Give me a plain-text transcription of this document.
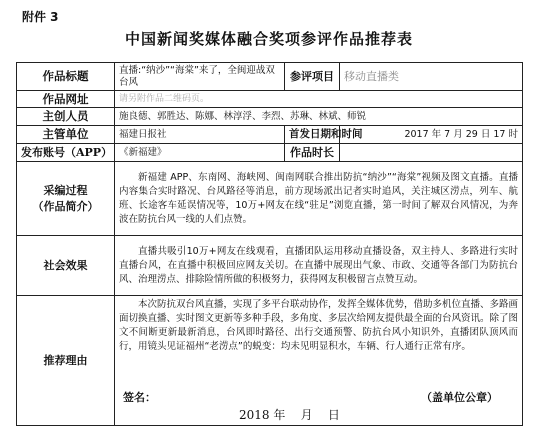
附件 3
中国新闻奖媒体融合奖项参评作品推荐表
作品标题	直播:“纳沙”“海棠”来了，全闽迎战双台风	参评项目	移动直播类
作品网址	请另附作品二维码页。		
主创人员	施良德、郭胜达、陈娜、林淳浮、李烈、苏琳、林斌、师锐		
主管单位	福建日报社	首发日期和时间	2017 年 7 月 29 日 17 时
发布账号（APP）	《新福建》	作品时长	

采编过程
（作品简介）	新福建 APP、东南网、海峡网、闽南网联合推出防抗“纳沙”“海棠”视频及图文直播。直播内容集合实时路况、台风路径等消息，前方现场派出记者实时追风，关注城区涝点，列车、航班、长途客车延误情况等，10万+网友在线“驻足”浏览直播，第一时间了解双台风情况，为奔波在防抗台风一线的人们点赞。		
社会效果	直播共吸引10万+网友在线观看，直播团队运用移动直播设备，双主持人、多路进行实时直播台风，在直播中积极回应网友关切。在直播中展现出气象、市政、交通等各部门为防抗台风、治理涝点、排除险情所做的积极努力，获得网友积极留言点赞互动。		
推荐理由	本次防抗双台风直播，实现了多平台联动协作，发挥全媒体优势，借助多机位直播、多路画面切换直播、实时图文更新等多种手段，多角度、多层次给网友提供最全面的台风资讯。除了图文不间断更新最新消息，台风即时路径、出行交通预警、防抗台风小知识外，直播团队顶风而行，用镜头见证福州“老涝点”的蜕变：均未见明显积水，车辆、行人通行正常有序。
签名： （盖单位公章）
2018 年    月    日		
